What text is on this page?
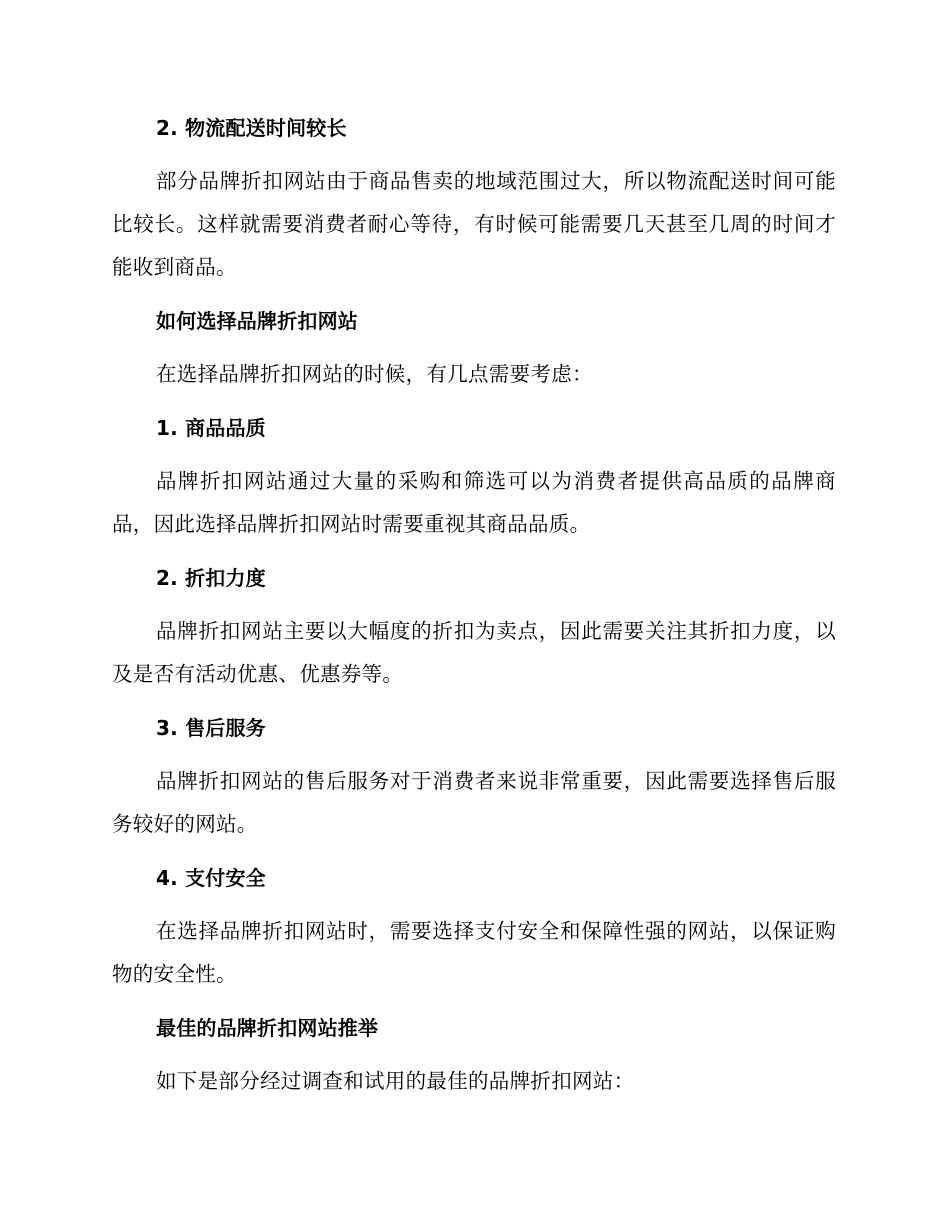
2. 物流配送时间较长

部分品牌折扣网站由于商品售卖的地域范围过大，所以物流配送时间可能比较长。这样就需要消费者耐心等待，有时候可能需要几天甚至几周的时间才能收到商品。

如何选择品牌折扣网站

在选择品牌折扣网站的时候，有几点需要考虑：

1. 商品品质

品牌折扣网站通过大量的采购和筛选可以为消费者提供高品质的品牌商品，因此选择品牌折扣网站时需要重视其商品品质。

2. 折扣力度

品牌折扣网站主要以大幅度的折扣为卖点，因此需要关注其折扣力度，以及是否有活动优惠、优惠券等。

3. 售后服务

品牌折扣网站的售后服务对于消费者来说非常重要，因此需要选择售后服务较好的网站。

4. 支付安全

在选择品牌折扣网站时，需要选择支付安全和保障性强的网站，以保证购物的安全性。

最佳的品牌折扣网站推举

如下是部分经过调查和试用的最佳的品牌折扣网站：
